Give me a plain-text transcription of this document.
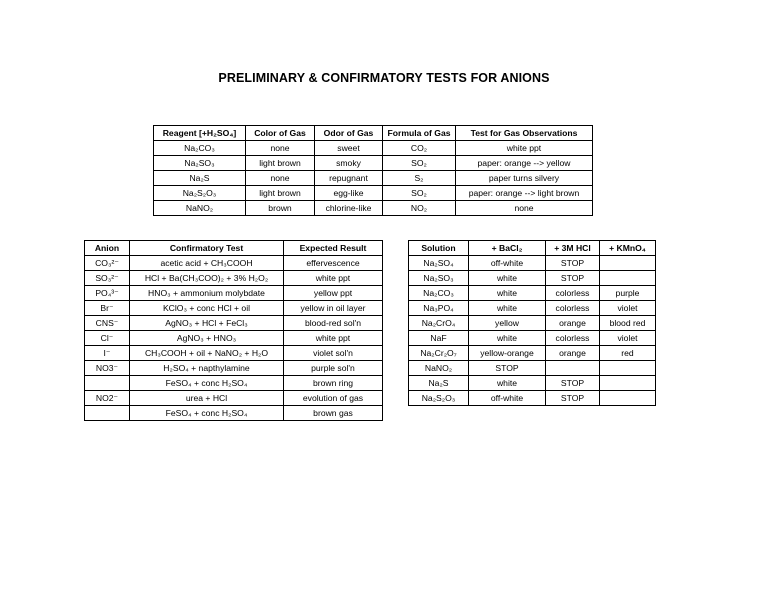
PRELIMINARY & CONFIRMATORY TESTS FOR ANIONS
Reagent [+H₂SO₄]	Color of Gas	Odor of Gas	Formula of Gas	Test for Gas Observations
Na₂CO₃	none	sweet	CO₂	white ppt
Na₂SO₃	light brown	smoky	SO₂	paper: orange --> yellow
Na₂S	none	repugnant	S₂	paper turns silvery
Na₂S₂O₃	light brown	egg-like	SO₂	paper: orange --> light brown
NaNO₂	brown	chlorine-like	NO₂	none
Anion	Confirmatory Test	Expected Result
CO₃²⁻	acetic acid + CH₃COOH	effervescence
SO₃²⁻	HCl + Ba(CH₃COO)₂ + 3% H₂O₂	white ppt
PO₄³⁻	HNO₃ + ammonium molybdate	yellow ppt
Br⁻	KClO₃ + conc HCl + oil	yellow in oil layer
CNS⁻	AgNO₃ + HCl + FeCl₃	blood-red sol'n
Cl⁻	AgNO₃ + HNO₃	white ppt
I⁻	CH₃COOH + oil + NaNO₂ + H₂O	violet sol'n
NO3⁻	H₂SO₄ + napthylamine	purple sol'n
	FeSO₄ + conc H₂SO₄	brown ring
NO2⁻	urea + HCl	evolution of gas
	FeSO₄ + conc H₂SO₄	brown gas
Solution	+ BaCl₂	+ 3M HCl	+ KMnO₄
Na₂SO₄	off-white	STOP	
Na₂SO₃	white	STOP	
Na₂CO₃	white	colorless	purple
Na₃PO₄	white	colorless	violet
Na₂CrO₄	yellow	orange	blood red
NaF	white	colorless	violet
Na₂Cr₂O₇	yellow-orange	orange	red
NaNO₂	STOP		
Na₂S	white	STOP	
Na₂S₂O₃	off-white	STOP	
